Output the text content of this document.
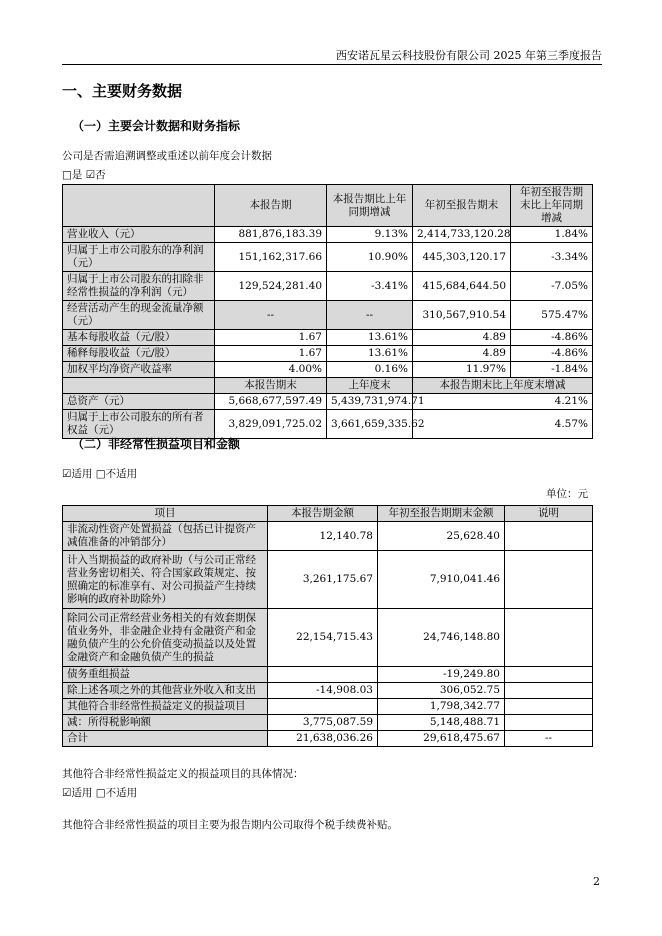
西安诺瓦星云科技股份有限公司 2025 年第三季度报告
一、主要财务数据
（一）主要会计数据和财务指标
公司是否需追溯调整或重述以前年度会计数据
□是 ☑否
	本报告期	本报告期比上年同期增减	年初至报告期末	年初至报告期末比上年同期增减
营业收入（元）	881,876,183.39	9.13%	2,414,733,120.28	1.84%
归属于上市公司股东的净利润（元）	151,162,317.66	10.90%	445,303,120.17	-3.34%
归属于上市公司股东的扣除非经常性损益的净利润（元）	129,524,281.40	-3.41%	415,684,644.50	-7.05%
经营活动产生的现金流量净额（元）	--	--	310,567,910.54	575.47%
基本每股收益（元/股）	1.67	13.61%	4.89	-4.86%
稀释每股收益（元/股）	1.67	13.61%	4.89	-4.86%
加权平均净资产收益率	4.00%	0.16%	11.97%	-1.84%
	本报告期末	上年度末	本报告期末比上年度末增减	
总资产（元）	5,668,677,597.49	5,439,731,974.71	4.21%	
归属于上市公司股东的所有者权益（元）	3,829,091,725.02	3,661,659,335.62	4.57%	
（二）非经常性损益项目和金额
☑适用 □不适用
单位：元
项目	本报告期金额	年初至报告期期末金额	说明
非流动性资产处置损益（包括已计提资产减值准备的冲销部分）	12,140.78	25,628.40	
计入当期损益的政府补助（与公司正常经营业务密切相关、符合国家政策规定、按照确定的标准享有、对公司损益产生持续影响的政府补助除外）	3,261,175.67	7,910,041.46	
除同公司正常经营业务相关的有效套期保值业务外，非金融企业持有金融资产和金融负债产生的公允价值变动损益以及处置金融资产和金融负债产生的损益	22,154,715.43	24,746,148.80	
债务重组损益		-19,249.80	
除上述各项之外的其他营业外收入和支出	-14,908.03	306,052.75	
其他符合非经常性损益定义的损益项目		1,798,342.77	
减：所得税影响额	3,775,087.59	5,148,488.71	
合计	21,638,036.26	29,618,475.67	--
其他符合非经常性损益定义的损益项目的具体情况：
☑适用 □不适用
其他符合非经常性损益的项目主要为报告期内公司取得个税手续费补贴。
2
